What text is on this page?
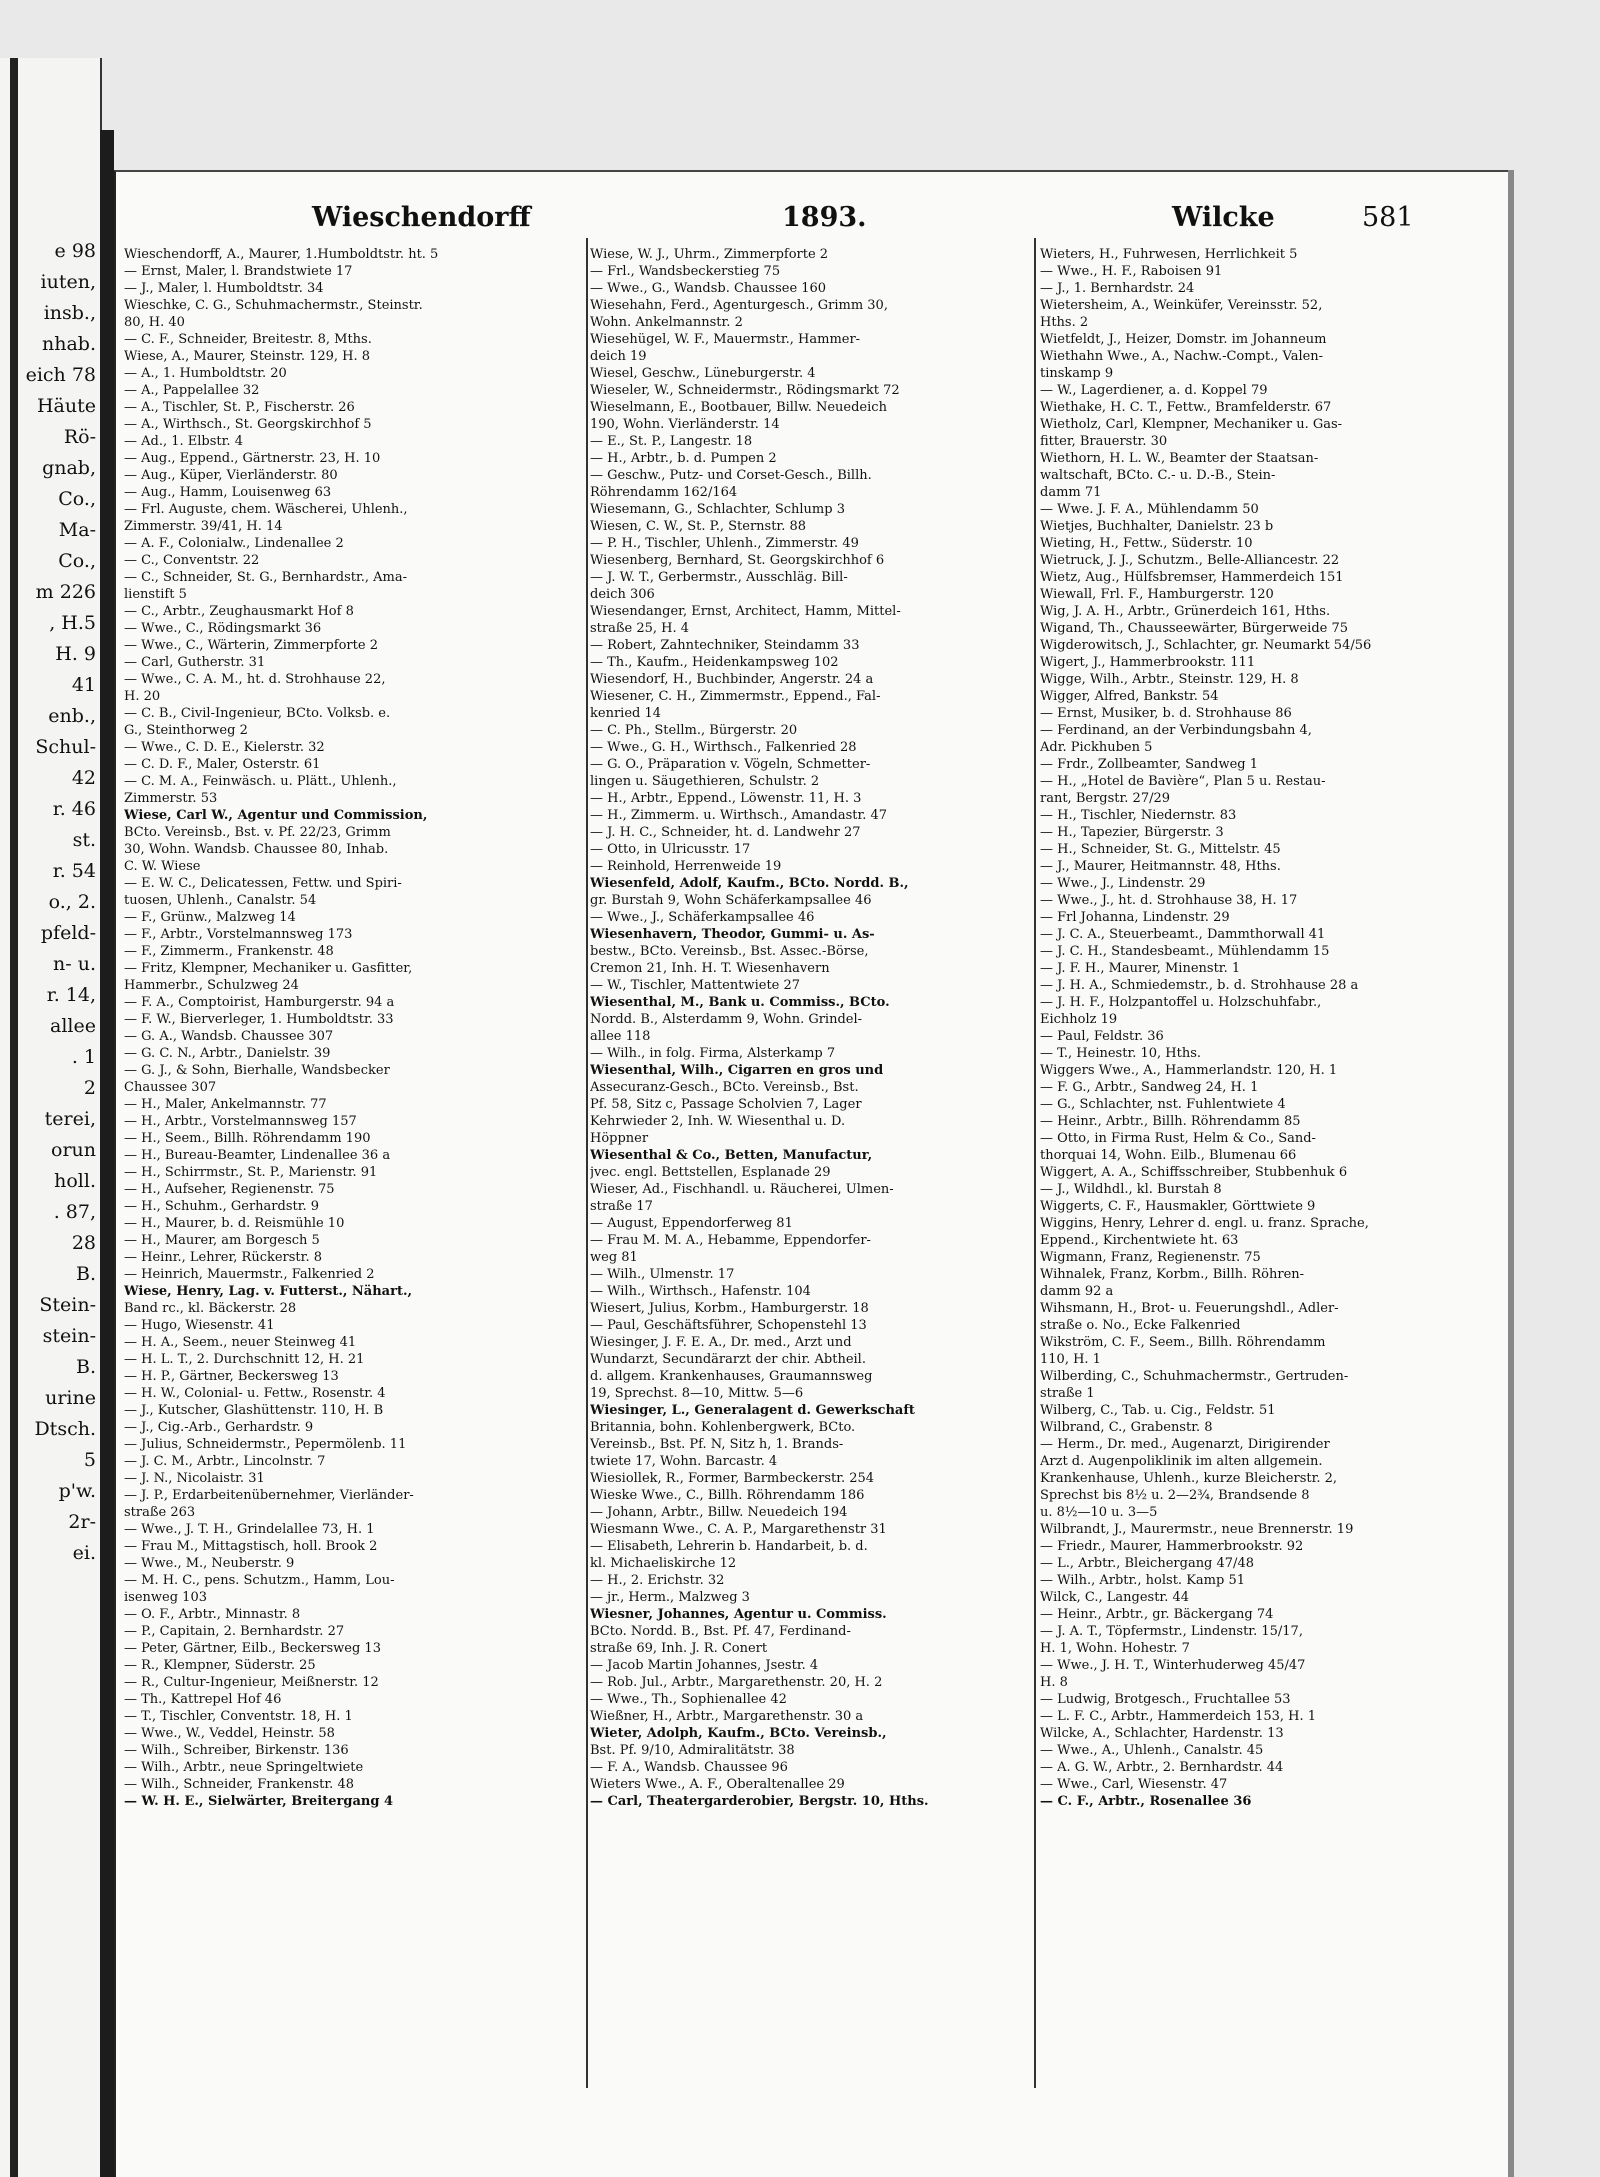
e 98
iuten,
insb.,
nhab.
eich 78
Häute
Rö-
gnab,
Co.,
Ma-
Co.,
m 226
, H.5
H. 9
41
enb.,
Schul-
42
r. 46
st.
r. 54
o., 2.
pfeld-
n- u.
r. 14,
allee
. 1
2
terei,
orun
holl.
. 87,
28
B.
Stein-
stein-
B.
urine
Dtsch.
5
p'w.
2r-
ei.
Wieschendorff	1893.	Wilcke	581
Wieschendorff, A., Maurer, 1.Humboldtstr. ht. 5
— Ernst, Maler, l. Brandstwiete 17
— J., Maler, l. Humboldtstr. 34
Wieschke, C. G., Schuhmachermstr., Steinstr.
80, H. 40
— C. F., Schneider, Breitestr. 8, Mths.
Wiese, A., Maurer, Steinstr. 129, H. 8
— A., 1. Humboldtstr. 20
— A., Pappelallee 32
— A., Tischler, St. P., Fischerstr. 26
— A., Wirthsch., St. Georgskirchhof 5
— Ad., 1. Elbstr. 4
— Aug., Eppend., Gärtnerstr. 23, H. 10
— Aug., Küper, Vierländerstr. 80
— Aug., Hamm, Louisenweg 63
— Frl. Auguste, chem. Wäscherei, Uhlenh.,
Zimmerstr. 39/41, H. 14
— A. F., Colonialw., Lindenallee 2
— C., Conventstr. 22
— C., Schneider, St. G., Bernhardstr., Ama-
lienstift 5
— C., Arbtr., Zeughausmarkt Hof 8
— Wwe., C., Rödingsmarkt 36
— Wwe., C., Wärterin, Zimmerpforte 2
— Carl, Gutherstr. 31
— Wwe., C. A. M., ht. d. Strohhause 22,
H. 20
— C. B., Civil-Ingenieur, BCto. Volksb. e.
G., Steinthorweg 2
— Wwe., C. D. E., Kielerstr. 32
— C. D. F., Maler, Osterstr. 61
— C. M. A., Feinwäsch. u. Plätt., Uhlenh.,
Zimmerstr. 53
Wiese, Carl W., Agentur und Commission,
BCto. Vereinsb., Bst. v. Pf. 22/23, Grimm
30, Wohn. Wandsb. Chaussee 80, Inhab.
C. W. Wiese
— E. W. C., Delicatessen, Fettw. und Spiri-
tuosen, Uhlenh., Canalstr. 54
— F., Grünw., Malzweg 14
— F., Arbtr., Vorstelmannsweg 173
— F., Zimmerm., Frankenstr. 48
— Fritz, Klempner, Mechaniker u. Gasfitter,
Hammerbr., Schulzweg 24
— F. A., Comptoirist, Hamburgerstr. 94 a
— F. W., Bierverleger, 1. Humboldtstr. 33
— G. A., Wandsb. Chaussee 307
— G. C. N., Arbtr., Danielstr. 39
— G. J., & Sohn, Bierhalle, Wandsbecker
Chaussee 307
— H., Maler, Ankelmannstr. 77
— H., Arbtr., Vorstelmannsweg 157
— H., Seem., Billh. Röhrendamm 190
— H., Bureau-Beamter, Lindenallee 36 a
— H., Schirrmstr., St. P., Marienstr. 91
— H., Aufseher, Regienenstr. 75
— H., Schuhm., Gerhardstr. 9
— H., Maurer, b. d. Reismühle 10
— H., Maurer, am Borgesch 5
— Heinr., Lehrer, Rückerstr. 8
— Heinrich, Mauermstr., Falkenried 2
Wiese, Henry, Lag. v. Futterst., Nähart.,
Band rc., kl. Bäckerstr. 28
— Hugo, Wiesenstr. 41
— H. A., Seem., neuer Steinweg 41
— H. L. T., 2. Durchschnitt 12, H. 21
— H. P., Gärtner, Beckersweg 13
— H. W., Colonial- u. Fettw., Rosenstr. 4
— J., Kutscher, Glashüttenstr. 110, H. B
— J., Cig.-Arb., Gerhardstr. 9
— Julius, Schneidermstr., Pepermölenb. 11
— J. C. M., Arbtr., Lincolnstr. 7
— J. N., Nicolaistr. 31
— J. P., Erdarbeitenübernehmer, Vierländer-
straße 263
— Wwe., J. T. H., Grindelallee 73, H. 1
— Frau M., Mittagstisch, holl. Brook 2
— Wwe., M., Neuberstr. 9
— M. H. C., pens. Schutzm., Hamm, Lou-
isenweg 103
— O. F., Arbtr., Minnastr. 8
— P., Capitain, 2. Bernhardstr. 27
— Peter, Gärtner, Eilb., Beckersweg 13
— R., Klempner, Süderstr. 25
— R., Cultur-Ingenieur, Meißnerstr. 12
— Th., Kattrepel Hof 46
— T., Tischler, Conventstr. 18, H. 1
— Wwe., W., Veddel, Heinstr. 58
— Wilh., Schreiber, Birkenstr. 136
— Wilh., Arbtr., neue Springeltwiete
— Wilh., Schneider, Frankenstr. 48
— W. H. E., Sielwärter, Breitergang 4
Wiese, W. J., Uhrm., Zimmerpforte 2
— Frl., Wandsbeckerstieg 75
— Wwe., G., Wandsb. Chaussee 160
Wiesehahn, Ferd., Agenturgesch., Grimm 30,
Wohn. Ankelmannstr. 2
Wiesehügel, W. F., Mauermstr., Hammer-
deich 19
Wiesel, Geschw., Lüneburgerstr. 4
Wieseler, W., Schneidermstr., Rödingsmarkt 72
Wieselmann, E., Bootbauer, Billw. Neuedeich
190, Wohn. Vierländerstr. 14
— E., St. P., Langestr. 18
— H., Arbtr., b. d. Pumpen 2
— Geschw., Putz- und Corset-Gesch., Billh.
Röhrendamm 162/164
Wiesemann, G., Schlachter, Schlump 3
Wiesen, C. W., St. P., Sternstr. 88
— P. H., Tischler, Uhlenh., Zimmerstr. 49
Wiesenberg, Bernhard, St. Georgskirchhof 6
— J. W. T., Gerbermstr., Ausschläg. Bill-
deich 306
Wiesendanger, Ernst, Architect, Hamm, Mittel-
straße 25, H. 4
— Robert, Zahntechniker, Steindamm 33
— Th., Kaufm., Heidenkampsweg 102
Wiesendorf, H., Buchbinder, Angerstr. 24 a
Wiesener, C. H., Zimmermstr., Eppend., Fal-
kenried 14
— C. Ph., Stellm., Bürgerstr. 20
— Wwe., G. H., Wirthsch., Falkenried 28
— G. O., Präparation v. Vögeln, Schmetter-
lingen u. Säugethieren, Schulstr. 2
— H., Arbtr., Eppend., Löwenstr. 11, H. 3
— H., Zimmerm. u. Wirthsch., Amandastr. 47
— J. H. C., Schneider, ht. d. Landwehr 27
— Otto, in Ulricusstr. 17
— Reinhold, Herrenweide 19
Wiesenfeld, Adolf, Kaufm., BCto. Nordd. B.,
gr. Burstah 9, Wohn Schäferkampsallee 46
— Wwe., J., Schäferkampsallee 46
Wiesenhavern, Theodor, Gummi- u. As-
bestw., BCto. Vereinsb., Bst. Assec.-Börse,
Cremon 21, Inh. H. T. Wiesenhavern
— W., Tischler, Mattentwiete 27
Wiesenthal, M., Bank u. Commiss., BCto.
Nordd. B., Alsterdamm 9, Wohn. Grindel-
allee 118
— Wilh., in folg. Firma, Alsterkamp 7
Wiesenthal, Wilh., Cigarren en gros und
Assecuranz-Gesch., BCto. Vereinsb., Bst.
Pf. 58, Sitz c, Passage Scholvien 7, Lager
Kehrwieder 2, Inh. W. Wiesenthal u. D.
Höppner
Wiesenthal & Co., Betten, Manufactur,
jvec. engl. Bettstellen, Esplanade 29
Wieser, Ad., Fischhandl. u. Räucherei, Ulmen-
straße 17
— August, Eppendorferweg 81
— Frau M. M. A., Hebamme, Eppendorfer-
weg 81
— Wilh., Ulmenstr. 17
— Wilh., Wirthsch., Hafenstr. 104
Wiesert, Julius, Korbm., Hamburgerstr. 18
— Paul, Geschäftsführer, Schopenstehl 13
Wiesinger, J. F. E. A., Dr. med., Arzt und
Wundarzt, Secundärarzt der chir. Abtheil.
d. allgem. Krankenhauses, Graumannsweg
19, Sprechst. 8—10, Mittw. 5—6
Wiesinger, L., Generalagent d. Gewerkschaft
Britannia, bohn. Kohlenbergwerk, BCto.
Vereinsb., Bst. Pf. N, Sitz h, 1. Brands-
twiete 17, Wohn. Barcastr. 4
Wiesiollek, R., Former, Barmbeckerstr. 254
Wieske Wwe., C., Billh. Röhrendamm 186
— Johann, Arbtr., Billw. Neuedeich 194
Wiesmann Wwe., C. A. P., Margarethenstr 31
— Elisabeth, Lehrerin b. Handarbeit, b. d.
kl. Michaeliskirche 12
— H., 2. Erichstr. 32
— jr., Herm., Malzweg 3
Wiesner, Johannes, Agentur u. Commiss.
BCto. Nordd. B., Bst. Pf. 47, Ferdinand-
straße 69, Inh. J. R. Conert
— Jacob Martin Johannes, Jsestr. 4
— Rob. Jul., Arbtr., Margarethenstr. 20, H. 2
— Wwe., Th., Sophienallee 42
Wießner, H., Arbtr., Margarethenstr. 30 a
Wieter, Adolph, Kaufm., BCto. Vereinsb.,
Bst. Pf. 9/10, Admiralitätstr. 38
— F. A., Wandsb. Chaussee 96
Wieters Wwe., A. F., Oberaltenallee 29
— Carl, Theatergarderobier, Bergstr. 10, Hths.
Wieters, H., Fuhrwesen, Herrlichkeit 5
— Wwe., H. F., Raboisen 91
— J., 1. Bernhardstr. 24
Wietersheim, A., Weinküfer, Vereinsstr. 52,
Hths. 2
Wietfeldt, J., Heizer, Domstr. im Johanneum
Wiethahn Wwe., A., Nachw.-Compt., Valen-
tinskamp 9
— W., Lagerdiener, a. d. Koppel 79
Wiethake, H. C. T., Fettw., Bramfelderstr. 67
Wietholz, Carl, Klempner, Mechaniker u. Gas-
fitter, Brauerstr. 30
Wiethorn, H. L. W., Beamter der Staatsan-
waltschaft, BCto. C.- u. D.-B., Stein-
damm 71
— Wwe. J. F. A., Mühlendamm 50
Wietjes, Buchhalter, Danielstr. 23 b
Wieting, H., Fettw., Süderstr. 10
Wietruck, J. J., Schutzm., Belle-Alliancestr. 22
Wietz, Aug., Hülfsbremser, Hammerdeich 151
Wiewall, Frl. F., Hamburgerstr. 120
Wig, J. A. H., Arbtr., Grünerdeich 161, Hths.
Wigand, Th., Chausseewärter, Bürgerweide 75
Wigderowitsch, J., Schlachter, gr. Neumarkt 54/56
Wigert, J., Hammerbrookstr. 111
Wigge, Wilh., Arbtr., Steinstr. 129, H. 8
Wigger, Alfred, Bankstr. 54
— Ernst, Musiker, b. d. Strohhause 86
— Ferdinand, an der Verbindungsbahn 4,
Adr. Pickhuben 5
— Frdr., Zollbeamter, Sandweg 1
— H., „Hotel de Bavière“, Plan 5 u. Restau-
rant, Bergstr. 27/29
— H., Tischler, Niedernstr. 83
— H., Tapezier, Bürgerstr. 3
— H., Schneider, St. G., Mittelstr. 45
— J., Maurer, Heitmannstr. 48, Hths.
— Wwe., J., Lindenstr. 29
— Wwe., J., ht. d. Strohhause 38, H. 17
— Frl Johanna, Lindenstr. 29
— J. C. A., Steuerbeamt., Dammthorwall 41
— J. C. H., Standesbeamt., Mühlendamm 15
— J. F. H., Maurer, Minenstr. 1
— J. H. A., Schmiedemstr., b. d. Strohhause 28 a
— J. H. F., Holzpantoffel u. Holzschuhfabr.,
Eichholz 19
— Paul, Feldstr. 36
— T., Heinestr. 10, Hths.
Wiggers Wwe., A., Hammerlandstr. 120, H. 1
— F. G., Arbtr., Sandweg 24, H. 1
— G., Schlachter, nst. Fuhlentwiete 4
— Heinr., Arbtr., Billh. Röhrendamm 85
— Otto, in Firma Rust, Helm & Co., Sand-
thorquai 14, Wohn. Eilb., Blumenau 66
Wiggert, A. A., Schiffsschreiber, Stubbenhuk 6
— J., Wildhdl., kl. Burstah 8
Wiggerts, C. F., Hausmakler, Görttwiete 9
Wiggins, Henry, Lehrer d. engl. u. franz. Sprache,
Eppend., Kirchentwiete ht. 63
Wigmann, Franz, Regienenstr. 75
Wihnalek, Franz, Korbm., Billh. Röhren-
damm 92 a
Wihsmann, H., Brot- u. Feuerungshdl., Adler-
straße o. No., Ecke Falkenried
Wikström, C. F., Seem., Billh. Röhrendamm
110, H. 1
Wilberding, C., Schuhmachermstr., Gertruden-
straße 1
Wilberg, C., Tab. u. Cig., Feldstr. 51
Wilbrand, C., Grabenstr. 8
— Herm., Dr. med., Augenarzt, Dirigirender
Arzt d. Augenpoliklinik im alten allgemein.
Krankenhause, Uhlenh., kurze Bleicherstr. 2,
Sprechst bis 8½ u. 2—2¾, Brandsende 8
u. 8½—10 u. 3—5
Wilbrandt, J., Maurermstr., neue Brennerstr. 19
— Friedr., Maurer, Hammerbrookstr. 92
— L., Arbtr., Bleichergang 47/48
— Wilh., Arbtr., holst. Kamp 51
Wilck, C., Langestr. 44
— Heinr., Arbtr., gr. Bäckergang 74
— J. A. T., Töpfermstr., Lindenstr. 15/17,
H. 1, Wohn. Hohestr. 7
— Wwe., J. H. T., Winterhuderweg 45/47
H. 8
— Ludwig, Brotgesch., Fruchtallee 53
— L. F. C., Arbtr., Hammerdeich 153, H. 1
Wilcke, A., Schlachter, Hardenstr. 13
— Wwe., A., Uhlenh., Canalstr. 45
— A. G. W., Arbtr., 2. Bernhardstr. 44
— Wwe., Carl, Wiesenstr. 47
— C. F., Arbtr., Rosenallee 36
